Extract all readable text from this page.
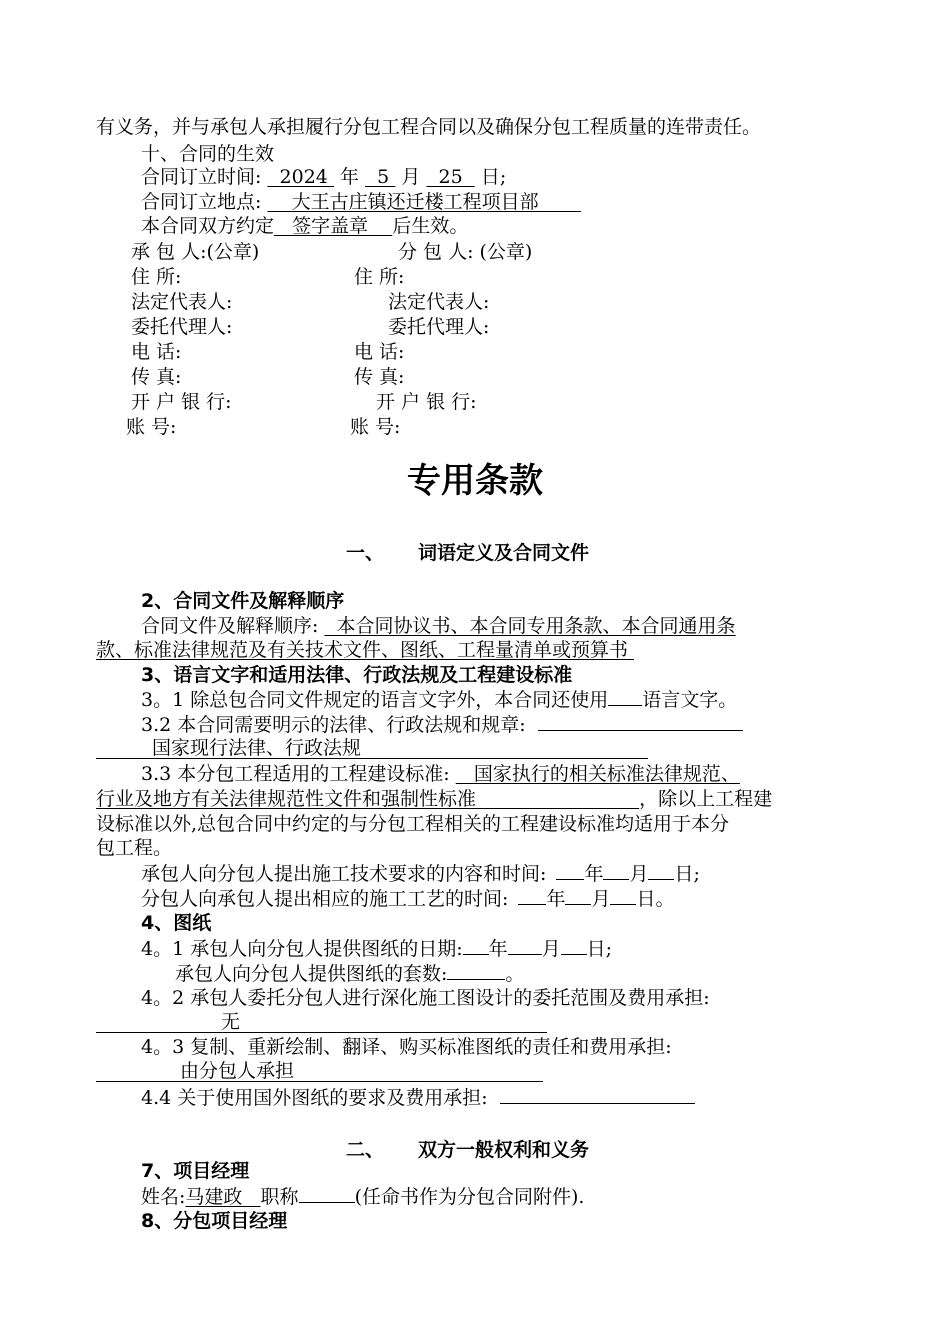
有义务，并与承包人承担履行分包工程合同以及确保分包工程质量的连带责任。
十、合同的生效
合同订立时间: 2024 年 5 月 25 日;
合同订立地点: 大王古庄镇还迁楼工程项目部
本合同双方约定 签字盖章 后生效。
承 包 人:(公章)	分 包 人: (公章)
住 所:	住 所:
法定代表人:	法定代表人:
委托代理人:	委托代理人:
电 话:	电 话:
传 真:	传 真:
开 户 银 行:	开 户 银 行:
账 号:	账 号:
专用条款
一、 词语定义及合同文件
2、合同文件及解释顺序
合同文件及解释顺序: 本合同协议书、本合同专用条款、本合同通用条
款、标准法律规范及有关技术文件、图纸、工程量清单或预算书
3、语言文字和适用法律、行政法规及工程建设标准
3。1 除总包合同文件规定的语言文字外，本合同还使用 语言文字。
3.2 本合同需要明示的法律、行政法规和规章:
国家现行法律、行政法规
3.3 本分包工程适用的工程建设标准: 国家执行的相关标准法律规范、
行业及地方有关法律规范性文件和强制性标准	，除以上工程建
设标准以外,总包合同中约定的与分包工程相关的工程建设标准均适用于本分
包工程。
承包人向分包人提出施工技术要求的内容和时间: 年 月 日;
分包人向承包人提出相应的施工工艺的时间: 年 月 日。
4、图纸
4。1 承包人向分包人提供图纸的日期: 年 月 日;
承包人向分包人提供图纸的套数:	。
4。2 承包人委托分包人进行深化施工图设计的委托范围及费用承担:
无
4。3 复制、重新绘制、翻译、购买标准图纸的责任和费用承担:
由分包人承担
4.4 关于使用国外图纸的要求及费用承担:
二、 双方一般权利和义务
7、项目经理
姓名:马建政 职称	(任命书作为分包合同附件).
8、分包项目经理
